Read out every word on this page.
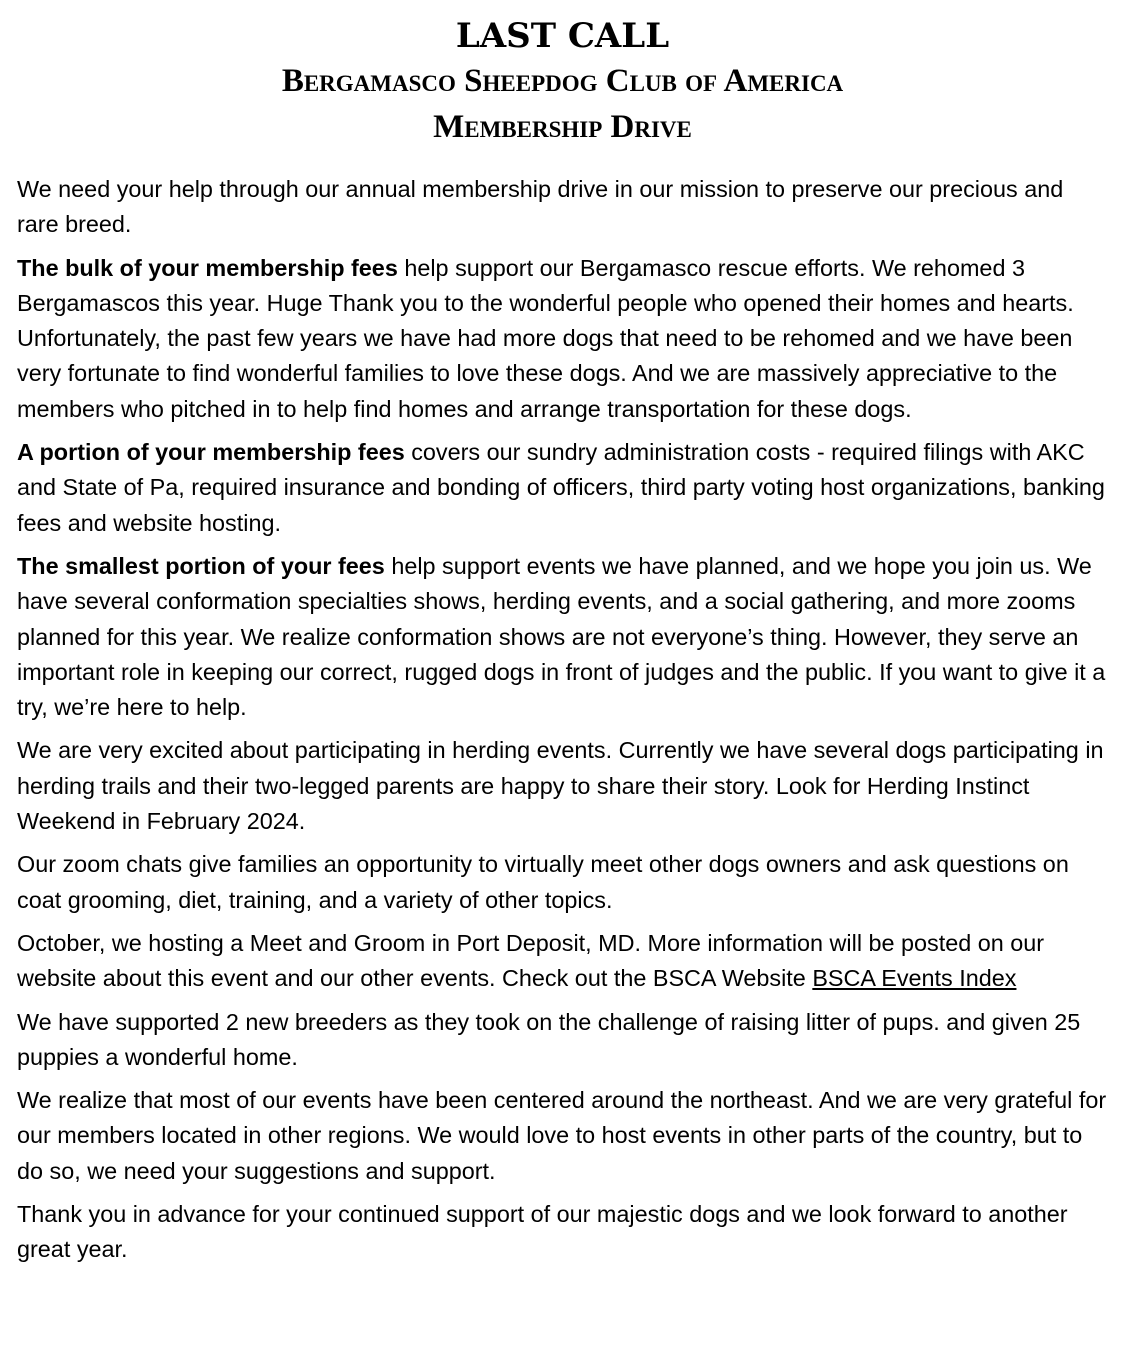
LAST CALL
Bergamasco Sheepdog Club of America
Membership Drive

We need your help through our annual membership drive in our mission to preserve our precious and rare breed.

The bulk of your membership fees help support our Bergamasco rescue efforts. We rehomed 3 Bergamascos this year. Huge Thank you to the wonderful people who opened their homes and hearts. Unfortunately, the past few years we have had more dogs that need to be rehomed and we have been very fortunate to find wonderful families to love these dogs. And we are massively appreciative to the members who pitched in to help find homes and arrange transportation for these dogs.

A portion of your membership fees covers our sundry administration costs - required filings with AKC and State of Pa, required insurance and bonding of officers, third party voting host organizations, banking fees and website hosting.

The smallest portion of your fees help support events we have planned, and we hope you join us. We have several conformation specialties shows, herding events, and a social gathering, and more zooms planned for this year. We realize conformation shows are not everyone’s thing. However, they serve an important role in keeping our correct, rugged dogs in front of judges and the public. If you want to give it a try, we’re here to help.

We are very excited about participating in herding events. Currently we have several dogs participating in herding trails and their two-legged parents are happy to share their story. Look for Herding Instinct Weekend in February 2024.

Our zoom chats give families an opportunity to virtually meet other dogs owners and ask questions on coat grooming, diet, training, and a variety of other topics.

October, we hosting a Meet and Groom in Port Deposit, MD. More information will be posted on our website about this event and our other events. Check out the BSCA Website BSCA Events Index

We have supported 2 new breeders as they took on the challenge of raising litter of pups. and given 25 puppies a wonderful home.

We realize that most of our events have been centered around the northeast. And we are very grateful for our members located in other regions. We would love to host events in other parts of the country, but to do so, we need your suggestions and support.

Thank you in advance for your continued support of our majestic dogs and we look forward to another great year.
